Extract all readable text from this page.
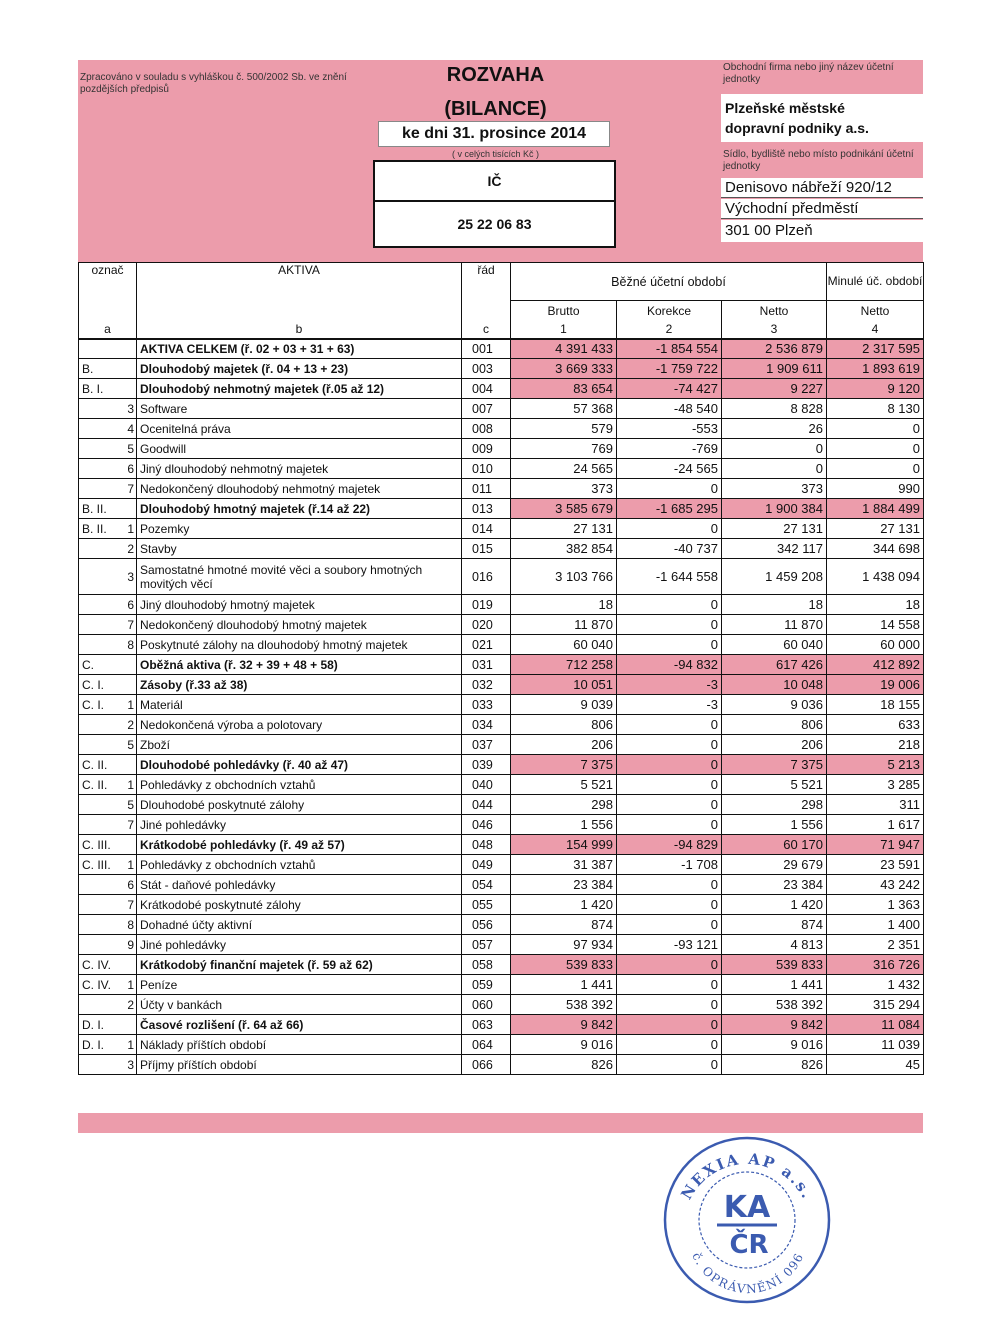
Zpracováno v souladu s vyhláškou č. 500/2002 Sb. ve znění pozdějších předpisů
ROZVAHA
(BILANCE)
ke dni 31. prosince 2014
( v celých tisících Kč )
IČ
25 22 06 83
Obchodní firma nebo jiný název účetní jednotky
Plzeňské městské
dopravní podniky a.s.
Sídlo, bydliště nebo místo podnikání účetní jednotky
Denisovo nábřeží 920/12
Východní předměstí
301 00 Plzeň
označ		AKTIVA	řád	Běžné účetní období			Minulé úč. období
				Brutto	Korekce	Netto	Netto
a		b	c	1	2	3	4
		AKTIVA CELKEM (ř. 02 + 03 + 31 + 63)	001	4 391 433	-1 854 554	2 536 879	2 317 595
B.		Dlouhodobý majetek (ř. 04 + 13 + 23)	003	3 669 333	-1 759 722	1 909 611	1 893 619
B. I.		Dlouhodobý nehmotný majetek (ř.05 až 12)	004	83 654	-74 427	9 227	9 120
	3	Software	007	57 368	-48 540	8 828	8 130
	4	Ocenitelná práva	008	579	-553	26	0
	5	Goodwill	009	769	-769	0	0
	6	Jiný dlouhodobý nehmotný majetek	010	24 565	-24 565	0	0
	7	Nedokončený dlouhodobý nehmotný majetek	011	373	0	373	990
B. II.		Dlouhodobý hmotný majetek (ř.14 až 22)	013	3 585 679	-1 685 295	1 900 384	1 884 499
B. II.	1	Pozemky	014	27 131	0	27 131	27 131
	2	Stavby	015	382 854	-40 737	342 117	344 698
	3	Samostatné hmotné movité věci a soubory hmotných movitých věcí	016	3 103 766	-1 644 558	1 459 208	1 438 094
	6	Jiný dlouhodobý hmotný majetek	019	18	0	18	18
	7	Nedokončený dlouhodobý hmotný majetek	020	11 870	0	11 870	14 558
	8	Poskytnuté zálohy na dlouhodobý hmotný majetek	021	60 040	0	60 040	60 000
C.		Oběžná aktiva (ř. 32 + 39 + 48 + 58)	031	712 258	-94 832	617 426	412 892
C. I.		Zásoby (ř.33 až 38)	032	10 051	-3	10 048	19 006
C. I.	1	Materiál	033	9 039	-3	9 036	18 155
	2	Nedokončená výroba a polotovary	034	806	0	806	633
	5	Zboží	037	206	0	206	218
C. II.		Dlouhodobé pohledávky (ř. 40 až 47)	039	7 375	0	7 375	5 213
C. II.	1	Pohledávky z obchodních vztahů	040	5 521	0	5 521	3 285
	5	Dlouhodobé poskytnuté zálohy	044	298	0	298	311
	7	Jiné pohledávky	046	1 556	0	1 556	1 617
C. III.		Krátkodobé pohledávky (ř. 49 až 57)	048	154 999	-94 829	60 170	71 947
C. III.	1	Pohledávky z obchodních vztahů	049	31 387	-1 708	29 679	23 591
	6	Stát - daňové pohledávky	054	23 384	0	23 384	43 242
	7	Krátkodobé poskytnuté zálohy	055	1 420	0	1 420	1 363
	8	Dohadné účty aktivní	056	874	0	874	1 400
	9	Jiné pohledávky	057	97 934	-93 121	4 813	2 351
C. IV.		Krátkodobý finanční majetek (ř. 59 až 62)	058	539 833	0	539 833	316 726
C. IV.	1	Peníze	059	1 441	0	1 441	1 432
	2	Účty v bankách	060	538 392	0	538 392	315 294
D. I.		Časové rozlišení (ř. 64 až 66)	063	9 842	0	9 842	11 084
D. I.	1	Náklady příštích období	064	9 016	0	9 016	11 039
	3	Příjmy příštích období	066	826	0	826	45
NEXIA AP a.s.
č. OPRÁVNĚNÍ 096
KA
ČR
